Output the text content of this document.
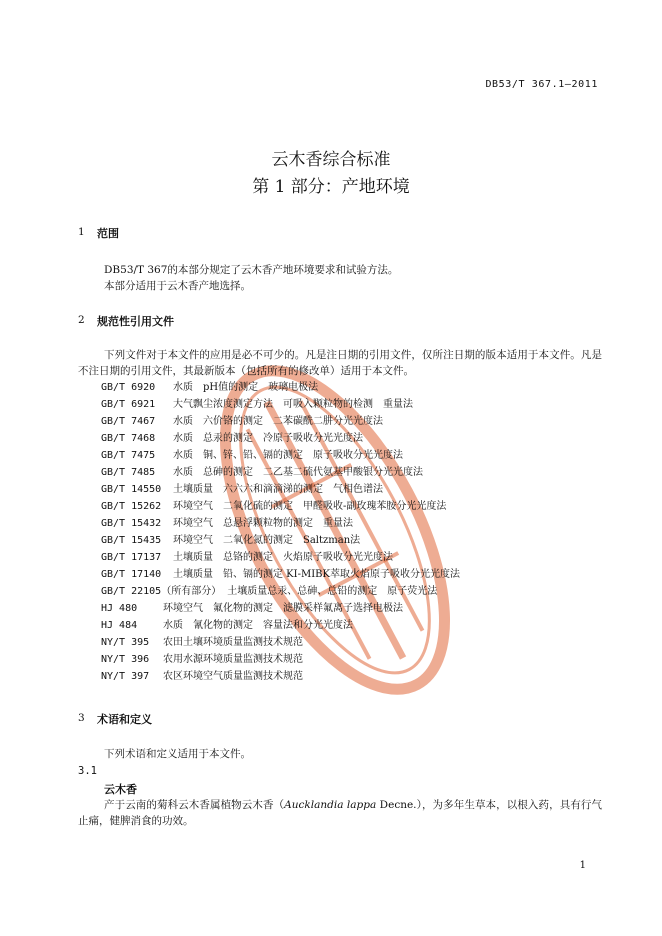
DB53/T 367.1—2011
云木香综合标准
第 1 部分：产地环境
1 范围
DB53/T 367的本部分规定了云木香产地环境要求和试验方法。
本部分适用于云木香产地选择。
2 规范性引用文件
下列文件对于本文件的应用是必不可少的。凡是注日期的引用文件，仅所注日期的版本适用于本文件。凡是不注日期的引用文件，其最新版本（包括所有的修改单）适用于本文件。
GB/T 6920 水质　pH值的测定　玻璃电极法
GB/T 6921 大气飘尘浓度测定方法　可吸入颗粒物的检测　重量法
GB/T 7467 水质　六价铬的测定　二苯碳酰二肼分光光度法
GB/T 7468 水质　总汞的测定　冷原子吸收分光光度法
GB/T 7475 水质　铜、锌、铅、镉的测定　原子吸收分光光度法
GB/T 7485 水质　总砷的测定　二乙基二硫代氨基甲酸银分光光度法
GB/T 14550 土壤质量　六六六和滴滴涕的测定　气相色谱法
GB/T 15262 环境空气　二氧化硫的测定　甲醛吸收-副玫瑰苯胺分光光度法
GB/T 15432 环境空气　总悬浮颗粒物的测定　重量法
GB/T 15435 环境空气　二氧化氮的测定　Saltzman法
GB/T 17137 土壤质量　总铬的测定　火焰原子吸收分光光度法
GB/T 17140 土壤质量　铅、镉的测定 KI-MIBK萃取火焰原子吸收分光光度法
GB/T 22105（所有部分） 土壤质量总汞、总砷、总铅的测定　原子荧光法
HJ 480	环境空气　氟化物的测定　滤膜采样氟离子选择电极法
HJ 484	水质　氰化物的测定　容量法和分光光度法
NY/T 395 农田土壤环境质量监测技术规范
NY/T 396 农用水源环境质量监测技术规范
NY/T 397 农区环境空气质量监测技术规范
3 术语和定义
下列术语和定义适用于本文件。
3.1
云木香
产于云南的菊科云木香属植物云木香（Aucklandia lappa Decne.），为多年生草本，以根入药，具有行气止痛，健脾消食的功效。
1
